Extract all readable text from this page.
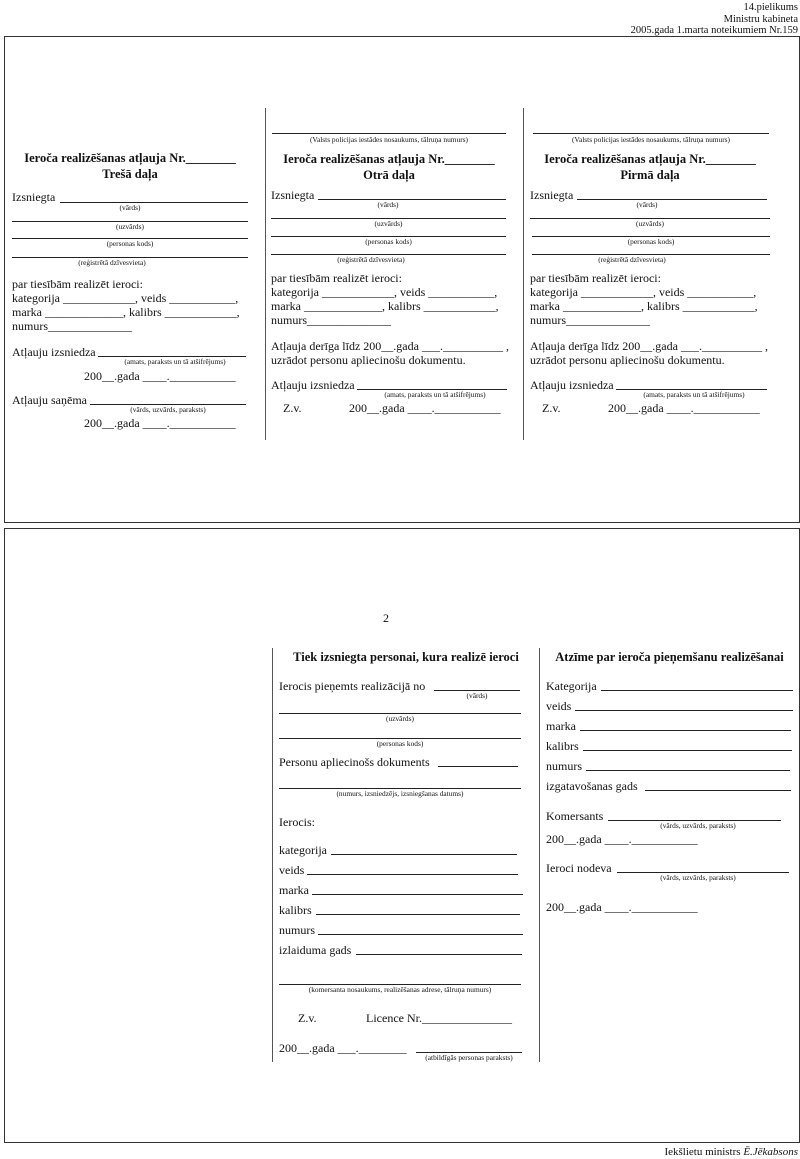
14.pielikums
Ministru kabineta
2005.gada 1.marta noteikumiem Nr.159
Ieroča realizēšanas atļauja Nr.________
Trešā daļa
Izsniegta
(vārds)
(uzvārds)
(personas kods)
(reģistrētā dzīvesvieta)
par tiesībām realizēt ieroci:
kategorija ____________, veids ___________,
marka _____________, kalibrs ____________,
numurs______________
Atļauju izsniedza
(amats, paraksts un tā atšifrējums)
200__.gada ____.___________
Atļauju saņēma
(vārds, uzvārds, paraksts)
200__.gada ____.___________
(Valsts policijas iestādes nosaukums, tālruņa numurs)
Ieroča realizēšanas atļauja Nr.________
Otrā daļa
Izsniegta
(vārds)
(uzvārds)
(personas kods)
(reģistrētā dzīvesvieta)
par tiesībām realizēt ieroci:
kategorija ____________, veids ___________,
marka _____________, kalibrs ____________,
numurs______________
Atļauja derīga līdz 200__.gada ___.__________ ,
uzrādot personu apliecinošu dokumentu.
Atļauju izsniedza
(amats, paraksts un tā atšifrējums)
Z.v.	200__.gada ____.___________
(Valsts policijas iestādes nosaukums, tālruņa numurs)
Ieroča realizēšanas atļauja Nr.________
Pirmā daļa
Izsniegta
(vārds)
(uzvārds)
(personas kods)
(reģistrētā dzīvesvieta)
par tiesībām realizēt ieroci:
kategorija ____________, veids ___________,
marka _____________, kalibrs ____________,
numurs______________
Atļauja derīga līdz 200__.gada ___.__________ ,
uzrādot personu apliecinošu dokumentu.
Atļauju izsniedza
(amats, paraksts un tā atšifrējums)
Z.v.	200__.gada ____.___________
2
Tiek izsniegta personai, kura realizē ieroci
Ierocis pieņemts realizācijā no
(vārds)
(uzvārds)
(personas kods)
Personu apliecinošs dokuments
(numurs, izsniedzējs, izsniegšanas datums)
Ierocis:
kategorija
veids
marka
kalibrs
numurs
izlaiduma gads
(komersanta nosaukums, realizēšanas adrese, tālruņa numurs)
Z.v.	Licence Nr._______________
200__.gada ___.________
(atbildīgās personas paraksts)
Atzīme par ieroča pieņemšanu realizēšanai
Kategorija
veids
marka
kalibrs
numurs
izgatavošanas gads
Komersants
(vārds, uzvārds, paraksts)
200__.gada ____.___________
Ieroci nodeva
(vārds, uzvārds, paraksts)
200__.gada ____.___________
Iekšlietu ministrs Ē.Jēkabsons
